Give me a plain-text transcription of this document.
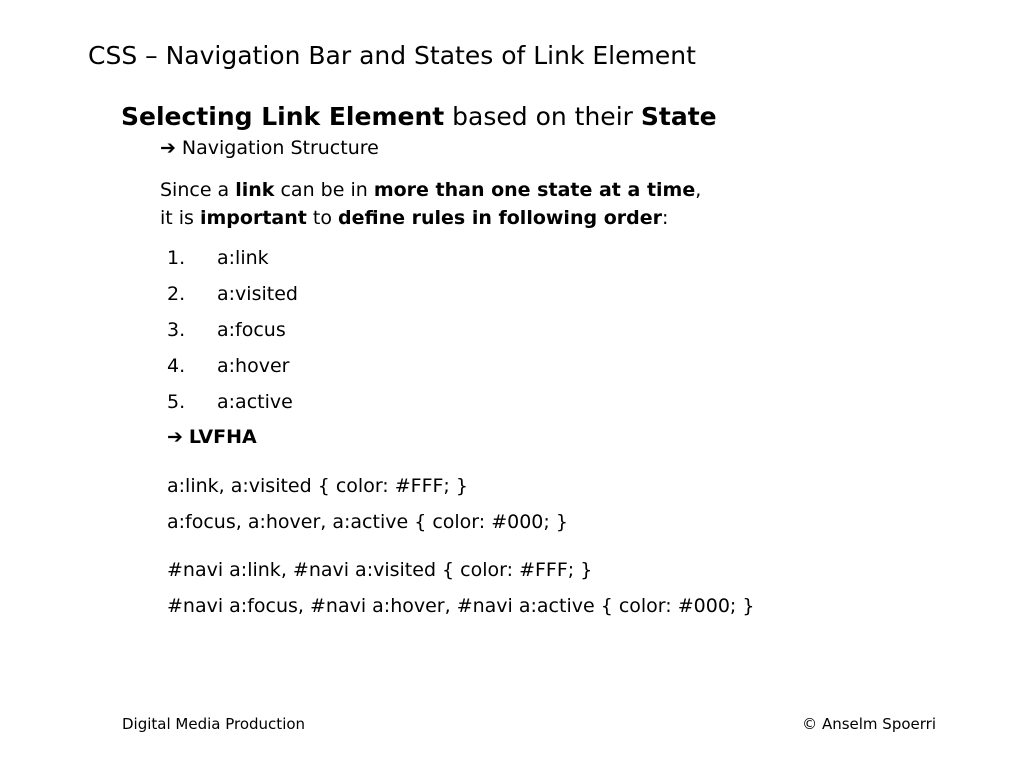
CSS – Navigation Bar and States of Link Element
Selecting Link Element based on their State
➔ Navigation Structure
Since a link can be in more than one state at a time,
it is important to define rules in following order:
1. a:link
2. a:visited
3. a:focus
4. a:hover
5. a:active
➔ LVFHA
a:link, a:visited { color: #FFF; }
a:focus, a:hover, a:active { color: #000; }
#navi a:link, #navi a:visited { color: #FFF; }
#navi a:focus, #navi a:hover, #navi a:active { color: #000; }
Digital Media Production	© Anselm Spoerri
